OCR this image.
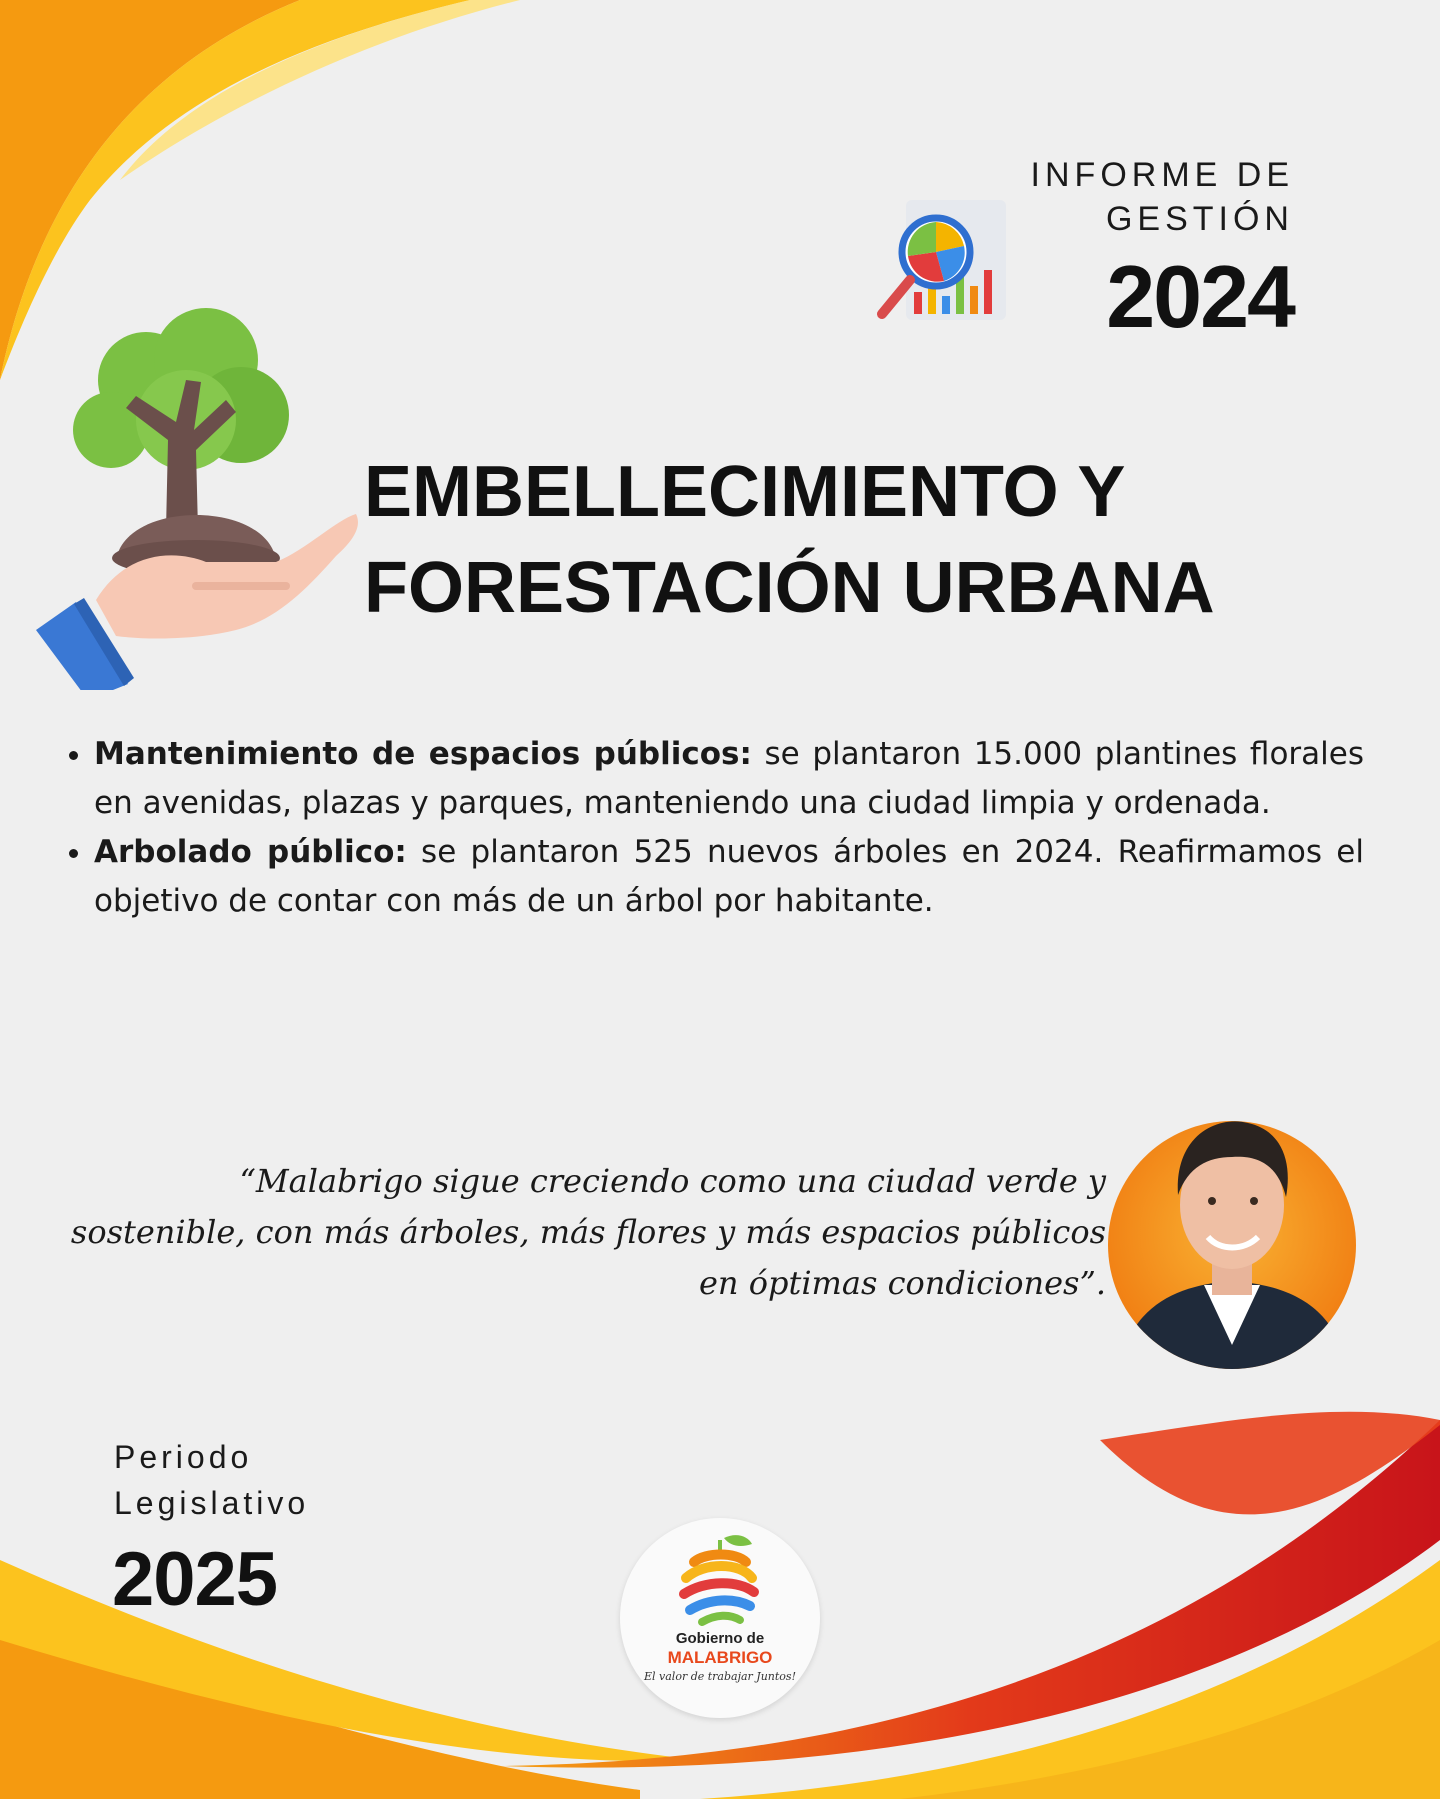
INFORME DE
GESTIÓN
2024
EMBELLECIMIENTO Y
FORESTACIÓN URBANA
• Mantenimiento de espacios públicos: se plantaron 15.000 plantines florales en avenidas, plazas y parques, manteniendo una ciudad limpia y ordenada.
• Arbolado público: se plantaron 525 nuevos árboles en 2024. Reafirmamos el objetivo de contar con más de un árbol por habitante.

“Malabrigo sigue creciendo como una ciudad verde y sostenible, con más árboles, más flores y más espacios públicos en óptimas condiciones”.

Periodo
Legislativo
2025
Gobierno de
MALABRIGO
El valor de trabajar Juntos!
